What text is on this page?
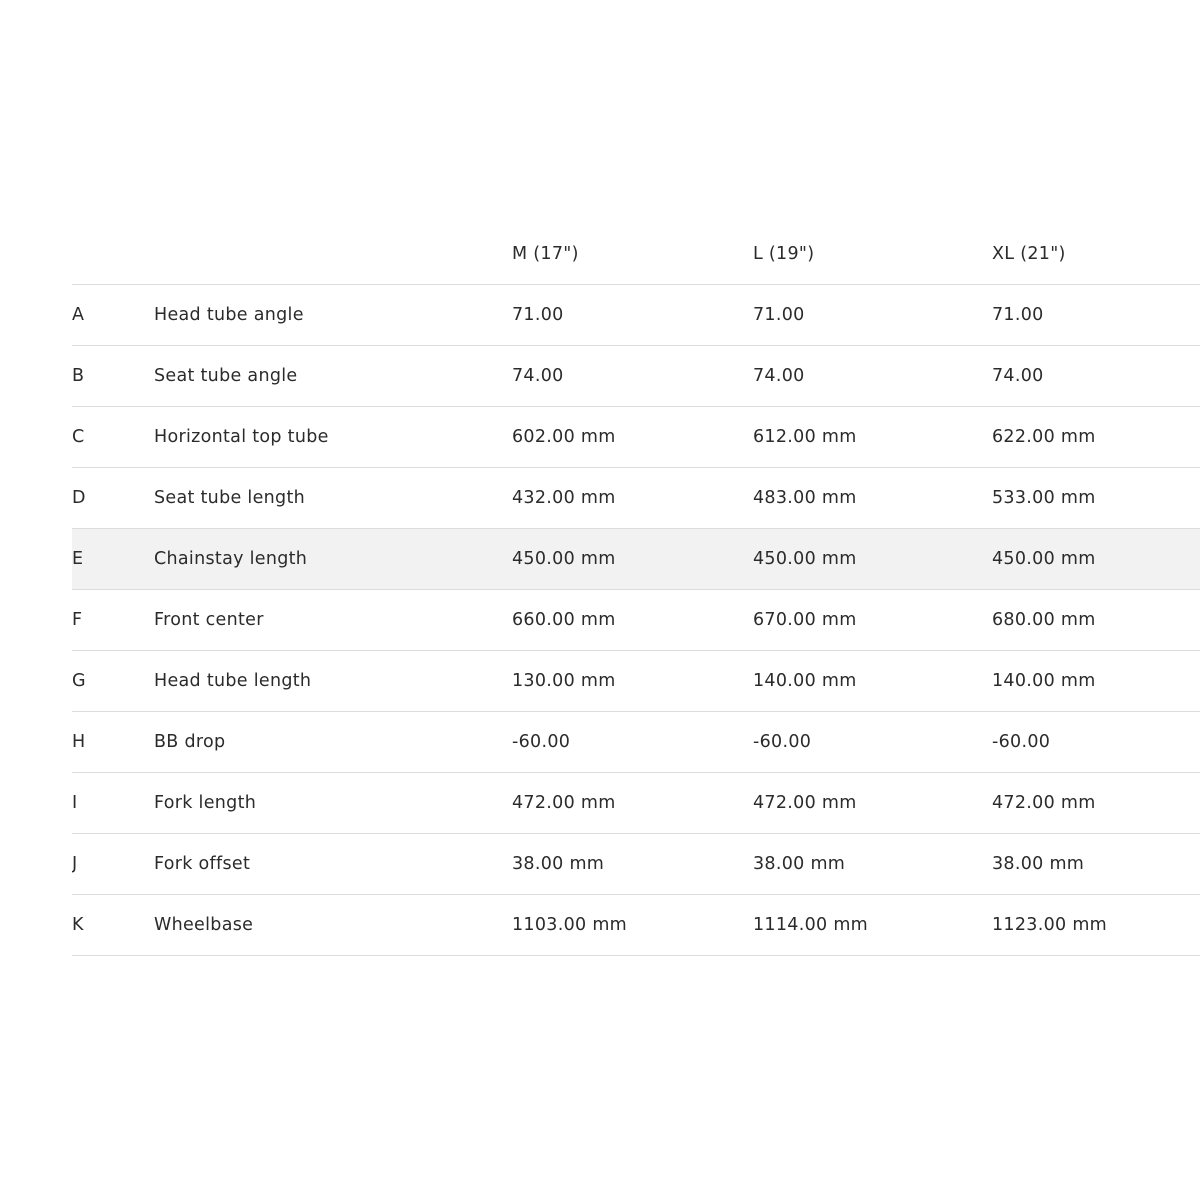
		M (17")	L (19")	XL (21")
A	Head tube angle	71.00	71.00	71.00
B	Seat tube angle	74.00	74.00	74.00
C	Horizontal top tube	602.00 mm	612.00 mm	622.00 mm
D	Seat tube length	432.00 mm	483.00 mm	533.00 mm
E	Chainstay length	450.00 mm	450.00 mm	450.00 mm
F	Front center	660.00 mm	670.00 mm	680.00 mm
G	Head tube length	130.00 mm	140.00 mm	140.00 mm
H	BB drop	-60.00	-60.00	-60.00
I	Fork length	472.00 mm	472.00 mm	472.00 mm
J	Fork offset	38.00 mm	38.00 mm	38.00 mm
K	Wheelbase	1103.00 mm	1114.00 mm	1123.00 mm
